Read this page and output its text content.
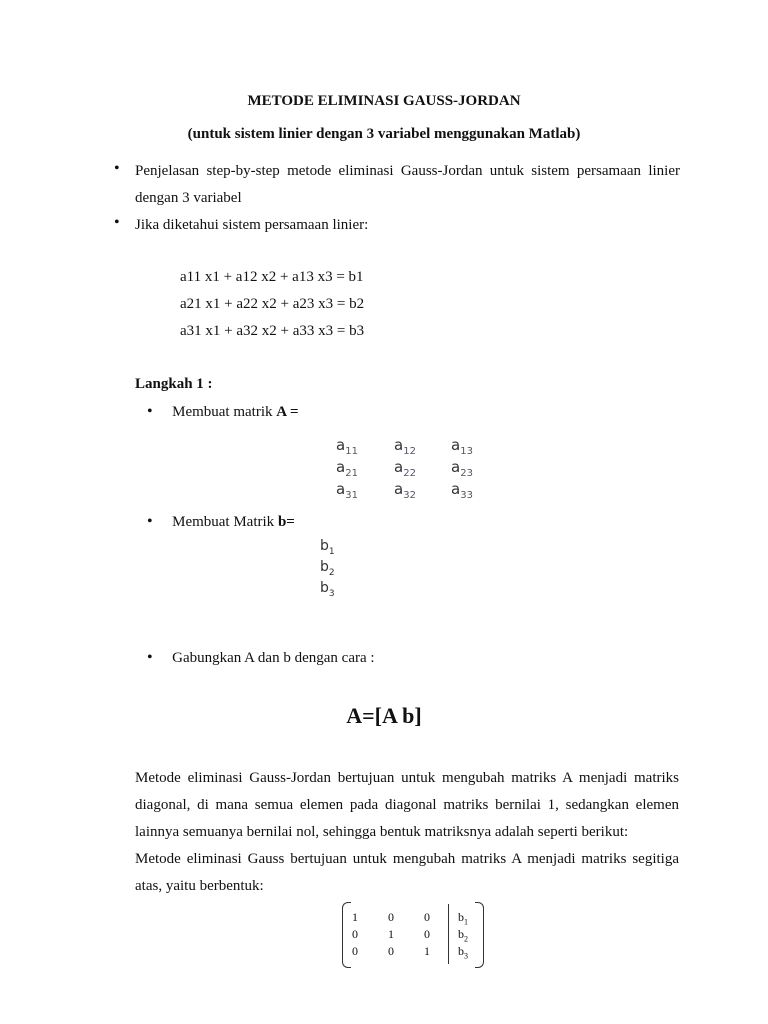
METODE ELIMINASI GAUSS-JORDAN
(untuk sistem linier dengan 3 variabel menggunakan Matlab)
• Penjelasan step-by-step metode eliminasi Gauss-Jordan untuk sistem persamaan linier dengan 3 variabel
• Jika diketahui sistem persamaan linier:
a11 x1 + a12 x2 + a13 x3 = b1
a21 x1 + a22 x2 + a23 x3 = b2
a31 x1 + a32 x2 + a33 x3 = b3
Langkah 1 :
• Membuat matrik A =
$a_{11}$ $a_{12}$ $a_{13}$
$a_{21}$ $a_{22}$ $a_{23}$
$a_{31}$ $a_{32}$ $a_{33}$
• Membuat Matrik b=
$b_1$
$b_2$
$b_3$
• Gabungkan A dan b dengan cara :
A=[A b]
Metode eliminasi Gauss-Jordan bertujuan untuk mengubah matriks A menjadi matriks diagonal, di mana semua elemen pada diagonal matriks bernilai 1, sedangkan elemen lainnya semuanya bernilai nol, sehingga bentuk matriksnya adalah seperti berikut:
Metode eliminasi Gauss bertujuan untuk mengubah matriks A menjadi matriks segitiga atas, yaitu berbentuk:
1	0	0 $b_1$
0	1	0 $b_2$
0	0	1 $b_3$
